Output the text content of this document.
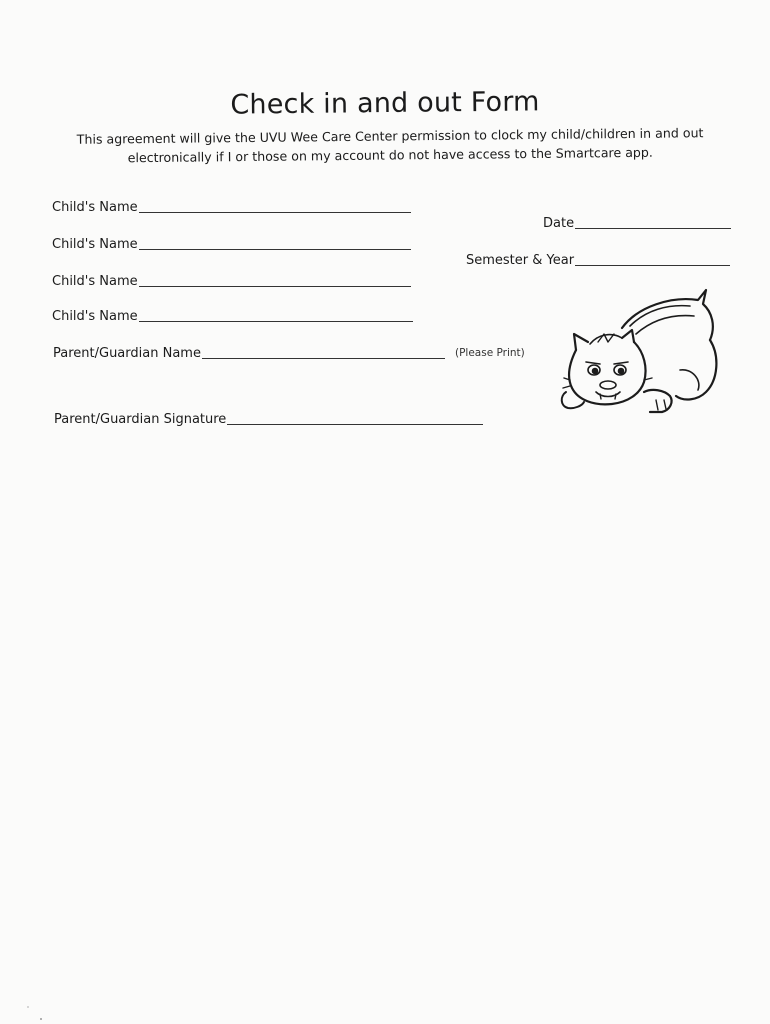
Check in and out Form
This agreement will give the UVU Wee Care Center permission to clock my child/children in and out
electronically if I or those on my account do not have access to the Smartcare app.
Child's Name
Child's Name
Child's Name
Child's Name
Date
Semester & Year
Parent/Guardian Name	(Please Print)
Parent/Guardian Signature
